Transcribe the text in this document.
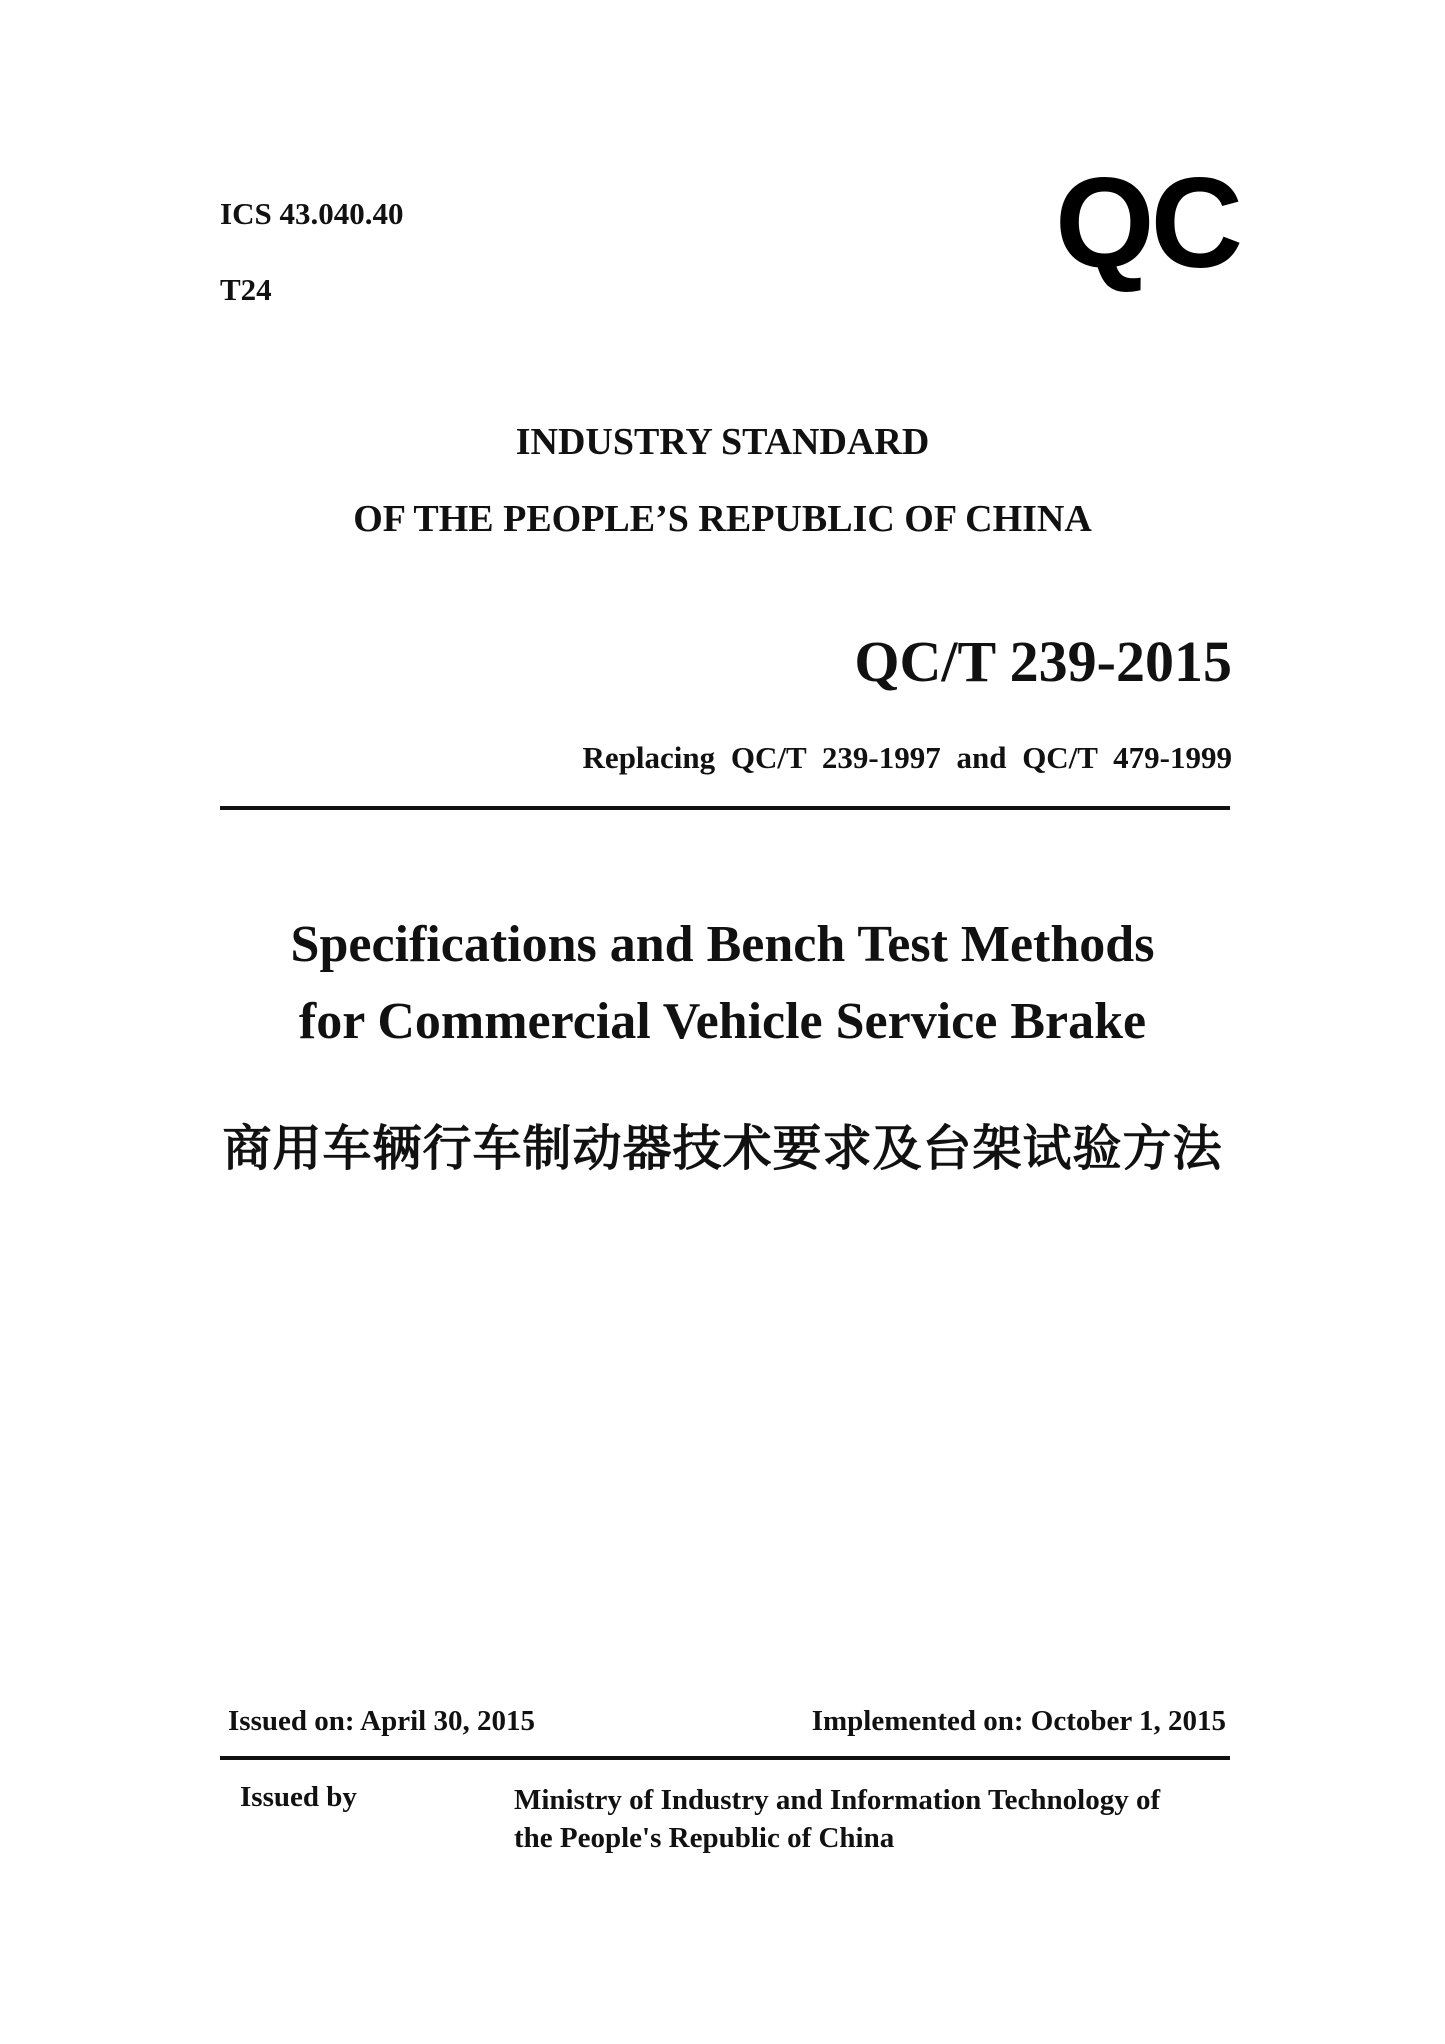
ICS 43.040.40
T24	QC
INDUSTRY STANDARD
OF THE PEOPLE’S REPUBLIC OF CHINA
QC/T 239-2015
Replacing QC/T 239-1997 and QC/T 479-1999
Specifications and Bench Test Methods
for Commercial Vehicle Service Brake
商用车辆行车制动器技术要求及台架试验方法
Issued on: April 30, 2015	Implemented on: October 1, 2015
Issued by	Ministry of Industry and Information Technology of
the People's Republic of China
